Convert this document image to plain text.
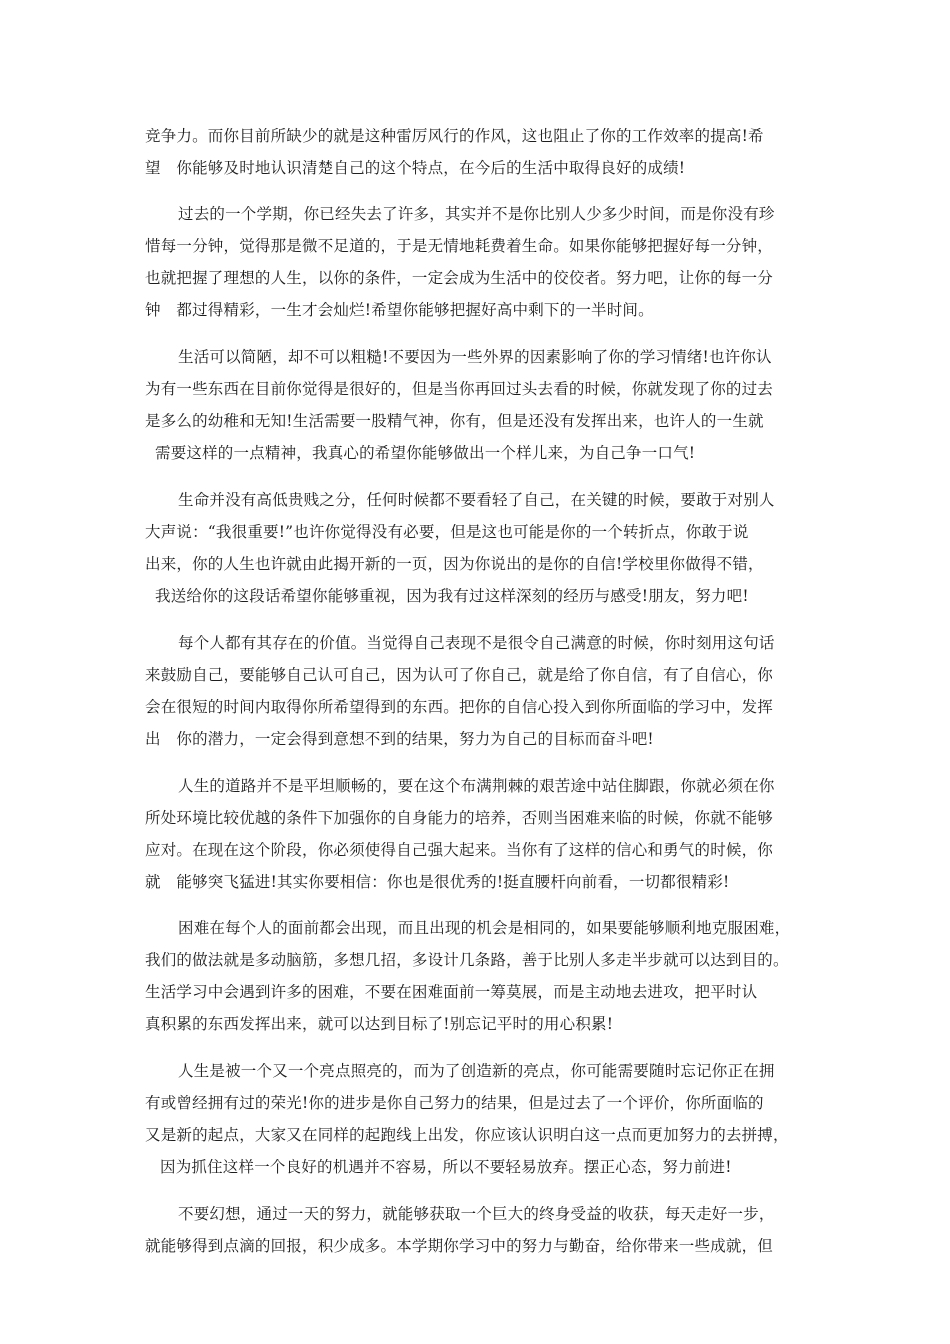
竞争力。而你目前所缺少的就是这种雷厉风行的作风，这也阻止了你的工作效率的提高!希
望　你能够及时地认识清楚自己的这个特点，在今后的生活中取得良好的成绩!
过去的一个学期，你已经失去了许多，其实并不是你比别人少多少时间，而是你没有珍
惜每一分钟，觉得那是微不足道的，于是无情地耗费着生命。如果你能够把握好每一分钟，
也就把握了理想的人生，以你的条件，一定会成为生活中的佼佼者。努力吧，让你的每一分
钟　都过得精彩，一生才会灿烂!希望你能够把握好高中剩下的一半时间。
生活可以简陋，却不可以粗糙!不要因为一些外界的因素影响了你的学习情绪!也许你认
为有一些东西在目前你觉得是很好的，但是当你再回过头去看的时候，你就发现了你的过去
是多么的幼稚和无知!生活需要一股精气神，你有，但是还没有发挥出来，也许人的一生就
需要这样的一点精神，我真心的希望你能够做出一个样儿来，为自己争一口气!
生命并没有高低贵贱之分，任何时候都不要看轻了自己，在关键的时候，要敢于对别人
大声说：“我很重要!”也许你觉得没有必要，但是这也可能是你的一个转折点，你敢于说
出来，你的人生也许就由此揭开新的一页，因为你说出的是你的自信!学校里你做得不错，
我送给你的这段话希望你能够重视，因为我有过这样深刻的经历与感受!朋友，努力吧!
每个人都有其存在的价值。当觉得自己表现不是很令自己满意的时候，你时刻用这句话
来鼓励自己，要能够自己认可自己，因为认可了你自己，就是给了你自信，有了自信心，你
会在很短的时间内取得你所希望得到的东西。把你的自信心投入到你所面临的学习中，发挥
出　你的潜力，一定会得到意想不到的结果，努力为自己的目标而奋斗吧!
人生的道路并不是平坦顺畅的，要在这个布满荆棘的艰苦途中站住脚跟，你就必须在你
所处环境比较优越的条件下加强你的自身能力的培养，否则当困难来临的时候，你就不能够
应对。在现在这个阶段，你必须使得自己强大起来。当你有了这样的信心和勇气的时候，你
就　能够突飞猛进!其实你要相信：你也是很优秀的!挺直腰杆向前看，一切都很精彩!
困难在每个人的面前都会出现，而且出现的机会是相同的，如果要能够顺利地克服困难，
我们的做法就是多动脑筋，多想几招，多设计几条路，善于比别人多走半步就可以达到目的。
生活学习中会遇到许多的困难，不要在困难面前一筹莫展，而是主动地去进攻，把平时认
真积累的东西发挥出来，就可以达到目标了!别忘记平时的用心积累!
人生是被一个又一个亮点照亮的，而为了创造新的亮点，你可能需要随时忘记你正在拥
有或曾经拥有过的荣光!你的进步是你自己努力的结果，但是过去了一个评价，你所面临的
又是新的起点，大家又在同样的起跑线上出发，你应该认识明白这一点而更加努力的去拼搏，
因为抓住这样一个良好的机遇并不容易，所以不要轻易放弃。摆正心态，努力前进!
不要幻想，通过一天的努力，就能够获取一个巨大的终身受益的收获，每天走好一步，
就能够得到点滴的回报，积少成多。本学期你学习中的努力与勤奋，给你带来一些成就，但
